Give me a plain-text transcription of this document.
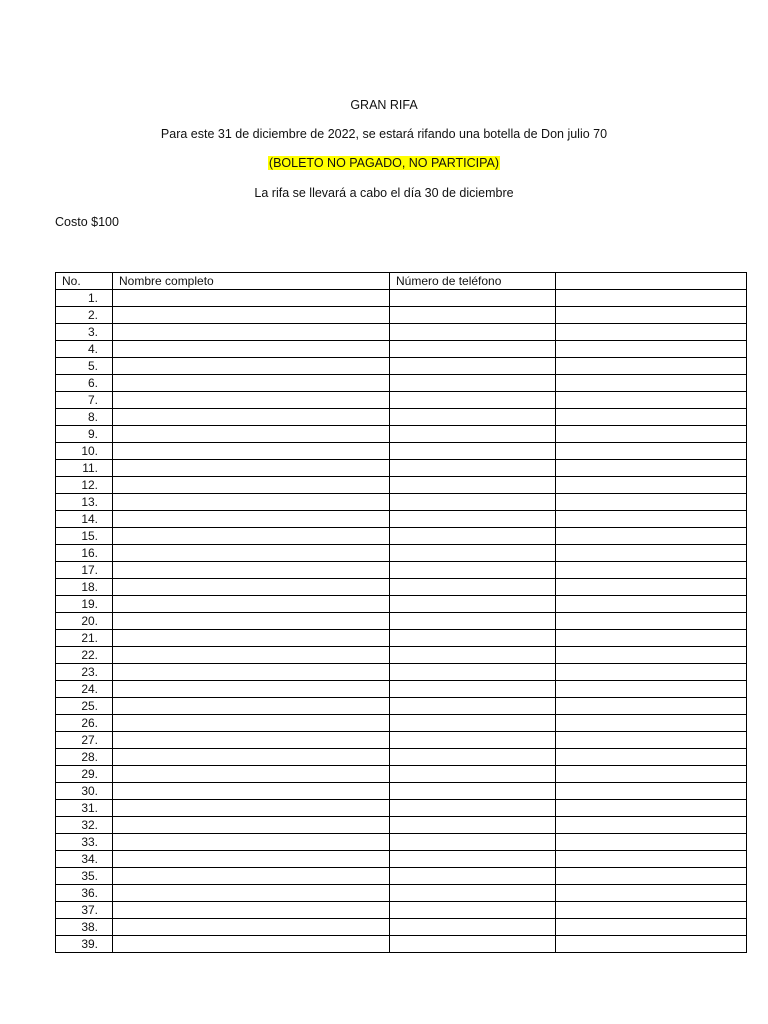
GRAN RIFA
Para este 31 de diciembre de 2022, se estará rifando una botella de Don julio 70
(BOLETO NO PAGADO, NO PARTICIPA)
La rifa se llevará a cabo el día 30 de diciembre
Costo $100
No.	Nombre completo	Número de teléfono	
1.			
2.			
3.			
4.			
5.			
6.			
7.			
8.			
9.			
10.			
11.			
12.			
13.			
14.			
15.			
16.			
17.			
18.			
19.			
20.			
21.			
22.			
23.			
24.			
25.			
26.			
27.			
28.			
29.			
30.			
31.			
32.			
33.			
34.			
35.			
36.			
37.			
38.			
39.			
